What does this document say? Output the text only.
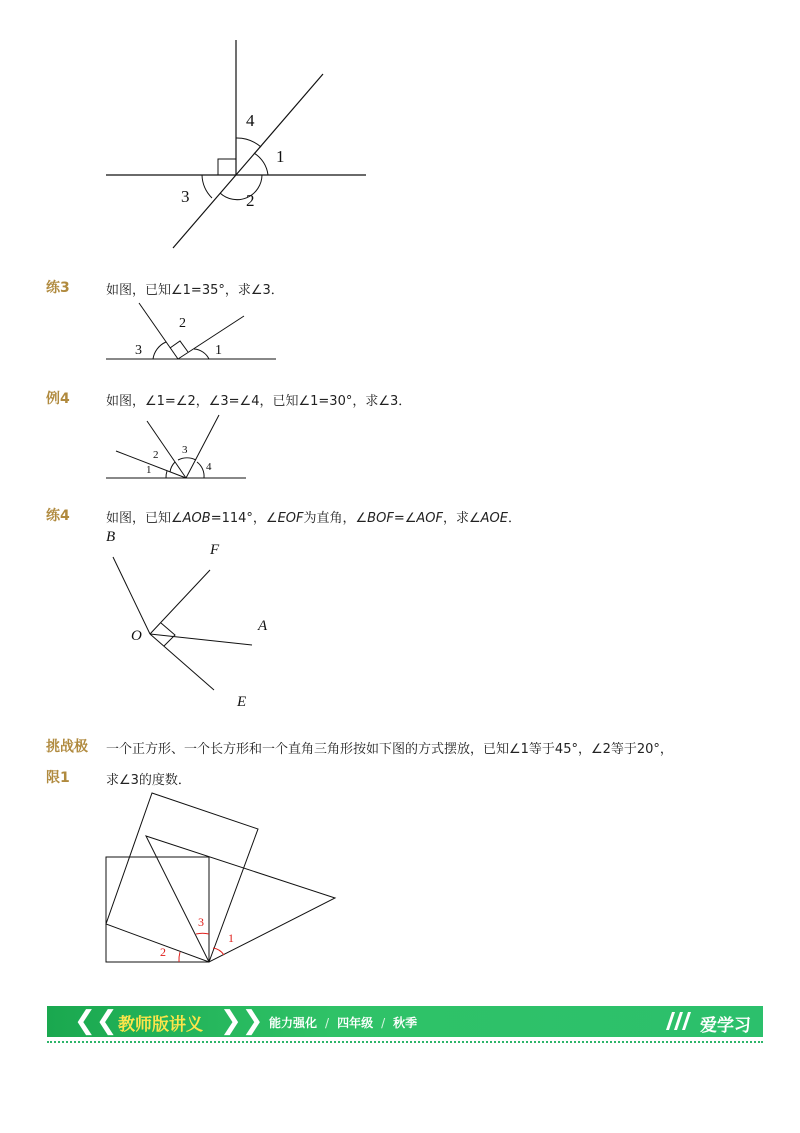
4
1
3	2
练3	如图，已知∠1=35°，求∠3．
2
3	1
例4	如图，∠1=∠2，∠3=∠4，已知∠1=30°，求∠3．
2 3
1	4
练4	如图，已知∠AOB=114°，∠EOF为直角，∠BOF=∠AOF，求∠AOE．
B
F
O
A
E
挑战极
限1
一个正方形、一个长方形和一个直角三角形按如下图的方式摆放，已知∠1等于45°，∠2等于20°，
求∠3的度数．
3
1
2
❮❮ 教师版讲义 ❯❯ 能力强化 / 四年级 / 秋季	爱学习
